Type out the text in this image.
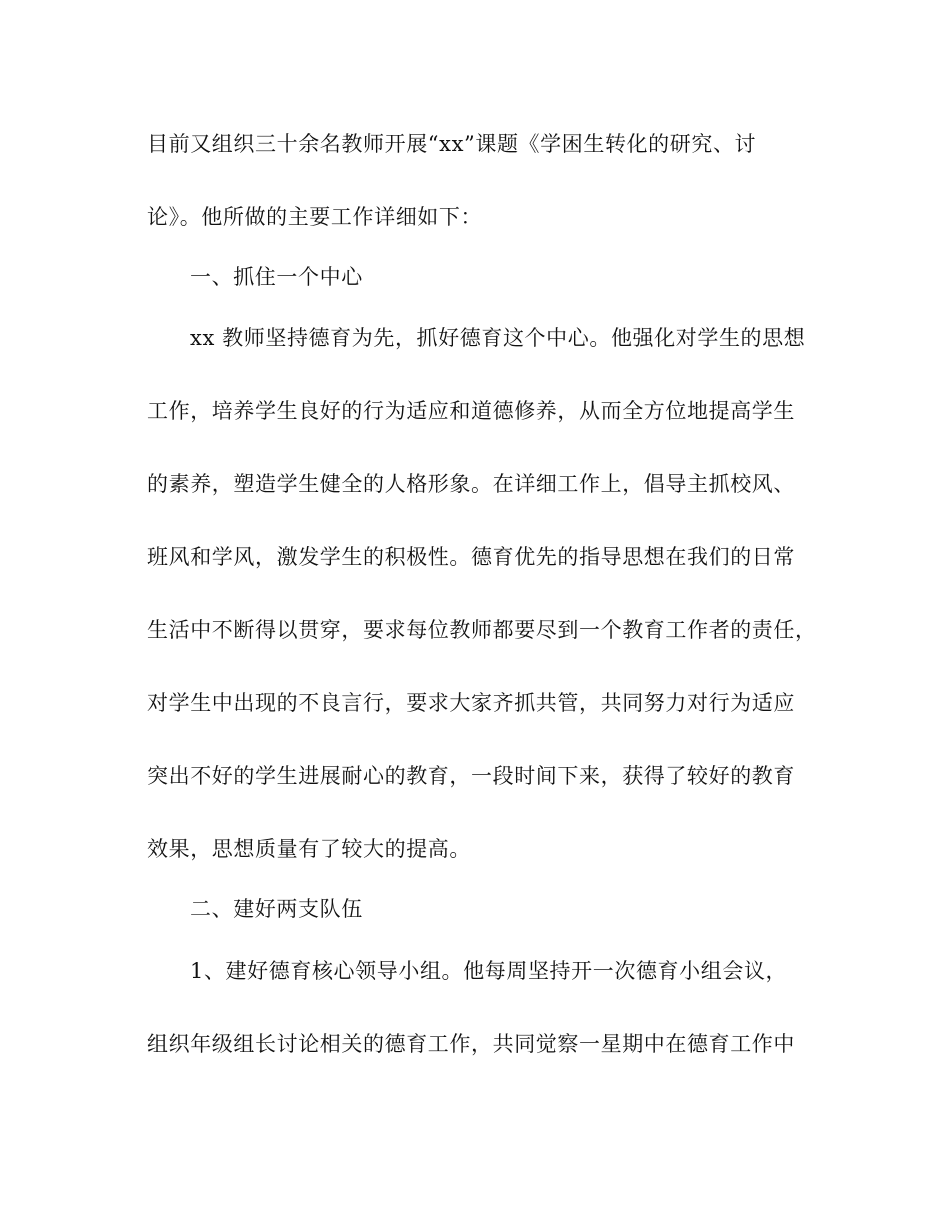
目前又组织三十余名教师开展“xx”课题《学困生转化的研究、讨
论》。他所做的主要工作详细如下：
一、抓住一个中心
xx 教师坚持德育为先，抓好德育这个中心。他强化对学生的思想
工作，培养学生良好的行为适应和道德修养，从而全方位地提高学生
的素养，塑造学生健全的人格形象。在详细工作上，倡导主抓校风、
班风和学风，激发学生的积极性。德育优先的指导思想在我们的日常
生活中不断得以贯穿，要求每位教师都要尽到一个教育工作者的责任，
对学生中出现的不良言行，要求大家齐抓共管，共同努力对行为适应
突出不好的学生进展耐心的教育，一段时间下来，获得了较好的教育
效果，思想质量有了较大的提高。
二、建好两支队伍
1、建好德育核心领导小组。他每周坚持开一次德育小组会议，
组织年级组长讨论相关的德育工作，共同觉察一星期中在德育工作中
